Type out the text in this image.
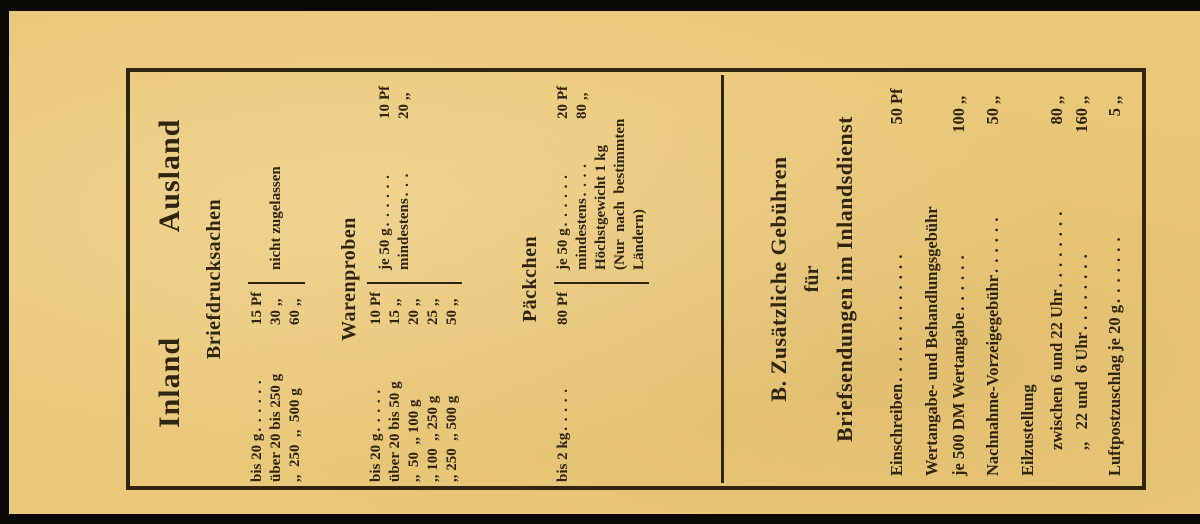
Inland
Ausland
Briefdrucksachen
bis 20 g
. . . . . .
15
Pf
über 20 bis 250 g
30
,,
,,  250  ,,  500 g
60
,,
nicht zugelassen	Warenproben
bis 20 g
. . . . .
10
Pf
über 20 bis 50 g
15
,,
,,  50  ,, 100 g
20
,,
,, 100  ,, 250 g
25
,,
,, 250  ,, 500 g
50
,,
je 50 g
. . . . . .
10
Pf
mindestens
. . .
20
,,
Päckchen
bis 2 kg
. . . . .
80
Pf
je 50 g
. . . . . .
20
Pf
mindestens
. . . .
80
,,
Höchstgewicht 1 kg (Nur  nach  bestimmten Ländern)	B. Zusätzliche Gebühren für Briefsendungen im Inlandsdienst Einschreiben
. . . . . . . . . . . . .
50
Pf
Wertangabe- und Behandlungsgebühr je 500 DM Wertangabe
. . . . . .
100
,,
Nachnahme-Vorzeigegebühr
. . . . . .
50
,,
Eilzustellung zwischen 6 und 22 Uhr
. . . . . . . .
80
,,
,,   22 und  6 Uhr
. . . . . . . .
160
,,
Luftpostzuschlag je 20 g
. . . . . . .
5
,,
